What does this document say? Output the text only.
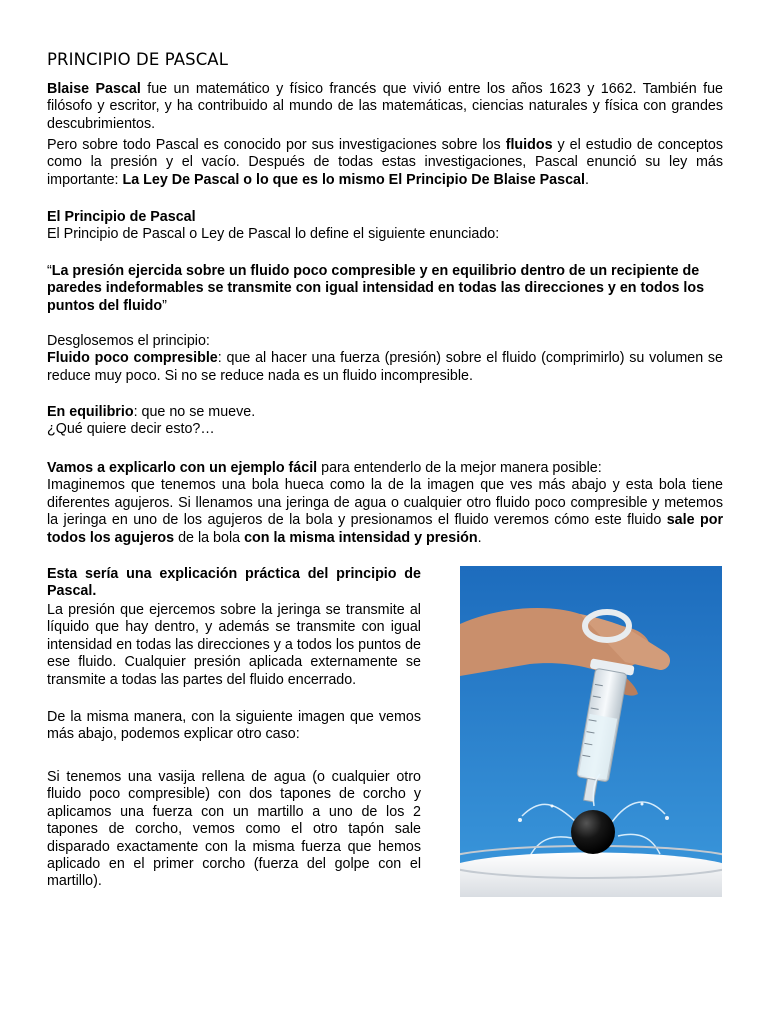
PRINCIPIO DE PASCAL
Blaise Pascal fue un matemático y físico francés que vivió entre los años 1623 y 1662. También fue filósofo y escritor, y ha contribuido al mundo de las matemáticas, ciencias naturales y física con grandes descubrimientos.
Pero sobre todo Pascal es conocido por sus investigaciones sobre los fluidos y el estudio de conceptos como la presión y el vacío. Después de todas estas investigaciones, Pascal enunció su ley más importante: La Ley De Pascal o lo que es lo mismo El Principio De Blaise Pascal.
El Principio de Pascal
El Principio de Pascal o Ley de Pascal lo define el siguiente enunciado:
“La presión ejercida sobre un fluido poco compresible y en equilibrio dentro de un recipiente de paredes indeformables se transmite con igual intensidad en todas las direcciones y en todos los puntos del fluido”
Desglosemos el principio:
Fluido poco compresible: que al hacer una fuerza (presión) sobre el fluido (comprimirlo) su volumen se reduce muy poco. Si no se reduce nada es un fluido incompresible.
En equilibrio: que no se mueve.
¿Qué quiere decir esto?…
Vamos a explicarlo con un ejemplo fácil para entenderlo de la mejor manera posible:
Imaginemos que tenemos una bola hueca como la de la imagen que ves más abajo y esta bola tiene diferentes agujeros. Si llenamos una jeringa de agua o cualquier otro fluido poco compresible y metemos la jeringa en uno de los agujeros de la bola y presionamos el fluido veremos cómo este fluido sale por todos los agujeros de la bola con la misma intensidad y presión.
Esta sería una explicación práctica del principio de Pascal.
La presión que ejercemos sobre la jeringa se transmite al líquido que hay dentro, y además se transmite con igual intensidad en todas las direcciones y a todos los puntos de ese fluido. Cualquier presión aplicada externamente se transmite a todas las partes del fluido encerrado.
De la misma manera, con la siguiente imagen que vemos más abajo, podemos explicar otro caso:
Si tenemos una vasija rellena de agua (o cualquier otro fluido poco compresible) con dos tapones de corcho y aplicamos una fuerza con un martillo a uno de los 2 tapones de corcho, vemos como el otro tapón sale disparado exactamente con la misma fuerza que hemos aplicado en el primer corcho (fuerza del golpe con el martillo).
